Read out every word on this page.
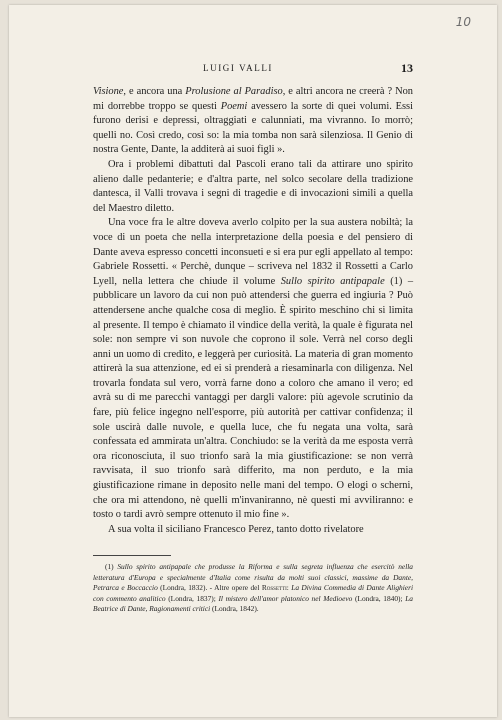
10
LUIGI VALLI	13

Visione, e ancora una Prolusione al Paradiso, e altri ancora ne creerà ? Non mi dorrebbe troppo se questi Poemi avessero la sorte di quei volumi. Essi furono derisi e depressi, oltraggiati e calunniati, ma vivranno. Io morrò; quelli no. Così credo, così so: la mia tomba non sarà silenziosa. Il Genio di nostra Gente, Dante, la additerà ai suoi figli ».

Ora i problemi dibattuti dal Pascoli erano tali da attirare uno spirito alieno dalle pedanterie; e d'altra parte, nel solco secolare della tradizione dantesca, il Valli trovava i segni di tragedie e di invocazioni simili a quella del Maestro diletto.

Una voce fra le altre doveva averlo colpito per la sua austera nobiltà; la voce di un poeta che nella interpretazione della poesia e del pensiero di Dante aveva espresso concetti inconsueti e si era pur egli appellato al tempo: Gabriele Rossetti. « Perchè, dunque – scriveva nel 1832 il Rossetti a Carlo Lyell, nella lettera che chiude il volume Sullo spirito antipapale (1) – pubblicare un lavoro da cui non può attendersi che guerra ed ingiuria ? Può attendersene anche qualche cosa di meglio. È spirito meschino chi si limita al presente. Il tempo è chiamato il vindice della verità, la quale è figurata nel sole: non sempre vi son nuvole che coprono il sole. Verrà nel corso degli anni un uomo di credito, e leggerà per curiosità. La materia di gran momento attirerà la sua attenzione, ed ei si prenderà a riesaminarla con diligenza. Nel trovarla fondata sul vero, vorrà farne dono a coloro che amano il vero; ed avrà su di me parecchi vantaggi per dargli valore: più agevole scrutinio da fare, più felice ingegno nell'esporre, più autorità per cattivar confidenza; il sole uscirà dalle nuvole, e quella luce, che fu negata una volta, sarà confessata ed ammirata un'altra. Conchiudo: se la verità da me esposta verrà ora riconosciuta, il suo trionfo sarà la mia giustificazione: se non verrà ravvisata, il suo trionfo sarà differito, ma non perduto, e la mia giustificazione rimane in deposito nelle mani del tempo. O elogi o scherni, che ora mi attendono, nè quelli m'invaniranno, nè questi mi avviliranno: e tosto o tardi avrò sempre ottenuto il mio fine ».

A sua volta il siciliano Francesco Perez, tanto dotto rivelatore

(1) Sullo spirito antipapale che produsse la Riforma e sulla segreta influenza che esercitò nella letteratura d'Europa e specialmente d'Italia come risulta da molti suoi classici, massime da Dante, Petrarca e Boccaccio (Londra, 1832). - Altre opere del Rossetti: La Divina Commedia di Dante Alighieri con commento analitico (Londra, 1837); Il mistero dell'amor platonico nel Medioevo (Londra, 1840); La Beatrice di Dante, Ragionamenti critici (Londra, 1842).
